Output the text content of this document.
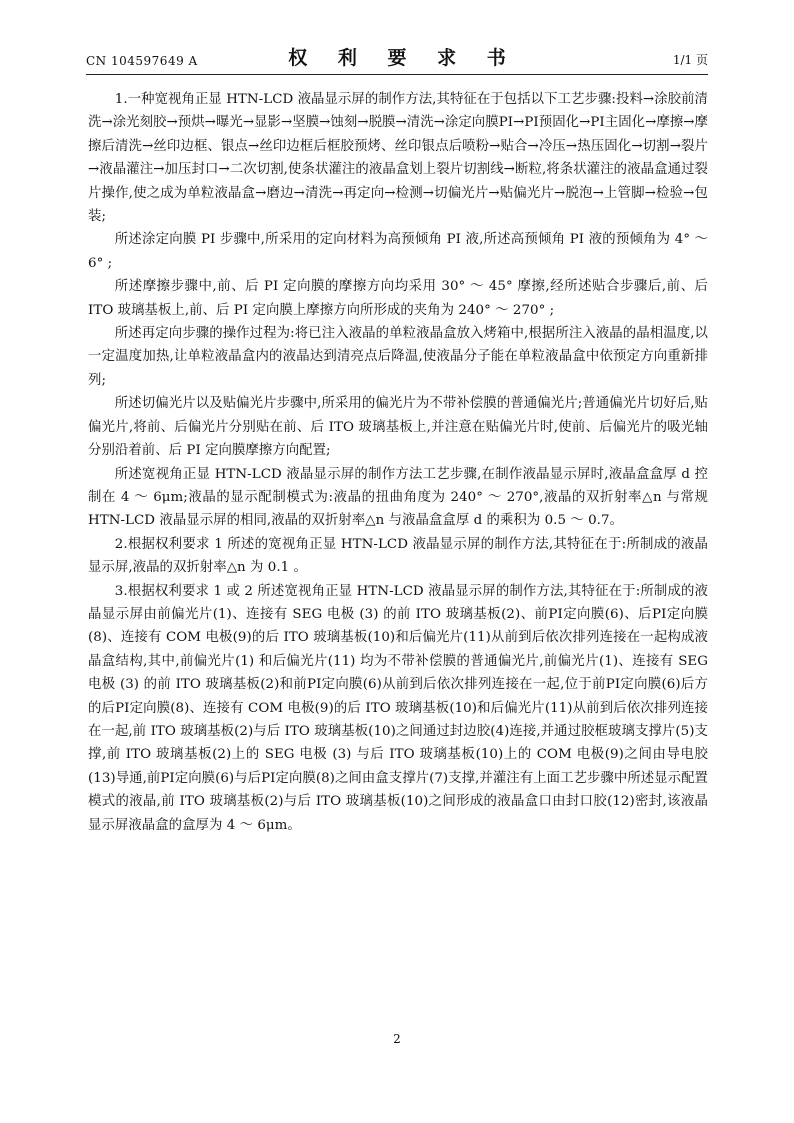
CN 104597649 A	权 利 要 求 书	1/1 页

1.一种宽视角正显 HTN-LCD 液晶显示屏的制作方法,其特征在于包括以下工艺步骤:投料→涂胶前清洗→涂光刻胶→预烘→曝光→显影→坚膜→蚀刻→脱膜→清洗→涂定向膜PI→PI预固化→PI主固化→摩擦→摩擦后清洗→丝印边框、银点→丝印边框后框胶预烤、丝印银点后喷粉→贴合→冷压→热压固化→切割→裂片→液晶灌注→加压封口→二次切割,使条状灌注的液晶盒划上裂片切割线→断粒,将条状灌注的液晶盒通过裂片操作,使之成为单粒液晶盒→磨边→清洗→再定向→检测→切偏光片→贴偏光片→脱泡→上管脚→检验→包装;

所述涂定向膜 PI 步骤中,所采用的定向材料为高预倾角 PI 液,所述高预倾角 PI 液的预倾角为 4° ～ 6° ;

所述摩擦步骤中,前、后 PI 定向膜的摩擦方向均采用 30° ～ 45° 摩擦,经所述贴合步骤后,前、后 ITO 玻璃基板上,前、后 PI 定向膜上摩擦方向所形成的夹角为 240° ～ 270° ;

所述再定向步骤的操作过程为:将已注入液晶的单粒液晶盒放入烤箱中,根据所注入液晶的晶相温度,以一定温度加热,让单粒液晶盒内的液晶达到清亮点后降温,使液晶分子能在单粒液晶盒中依预定方向重新排列;

所述切偏光片以及贴偏光片步骤中,所采用的偏光片为不带补偿膜的普通偏光片;普通偏光片切好后,贴偏光片,将前、后偏光片分别贴在前、后 ITO 玻璃基板上,并注意在贴偏光片时,使前、后偏光片的吸光轴分别沿着前、后 PI 定向膜摩擦方向配置;

所述宽视角正显 HTN-LCD 液晶显示屏的制作方法工艺步骤,在制作液晶显示屏时,液晶盒盒厚 d 控制在 4 ～ 6μm;液晶的显示配制模式为:液晶的扭曲角度为 240° ～ 270°,液晶的双折射率△n 与常规 HTN-LCD 液晶显示屏的相同,液晶的双折射率△n 与液晶盒盒厚 d 的乘积为 0.5 ～ 0.7。

2.根据权利要求 1 所述的宽视角正显 HTN-LCD 液晶显示屏的制作方法,其特征在于:所制成的液晶显示屏,液晶的双折射率△n 为 0.1 。

3.根据权利要求 1 或 2 所述宽视角正显 HTN-LCD 液晶显示屏的制作方法,其特征在于:所制成的液晶显示屏由前偏光片(1)、连接有 SEG 电极 (3) 的前 ITO 玻璃基板(2)、前PI定向膜(6)、后PI定向膜(8)、连接有 COM 电极(9)的后 ITO 玻璃基板(10)和后偏光片(11)从前到后依次排列连接在一起构成液晶盒结构,其中,前偏光片(1) 和后偏光片(11) 均为不带补偿膜的普通偏光片,前偏光片(1)、连接有 SEG 电极 (3) 的前 ITO 玻璃基板(2)和前PI定向膜(6)从前到后依次排列连接在一起,位于前PI定向膜(6)后方的后PI定向膜(8)、连接有 COM 电极(9)的后 ITO 玻璃基板(10)和后偏光片(11)从前到后依次排列连接在一起,前 ITO 玻璃基板(2)与后 ITO 玻璃基板(10)之间通过封边胶(4)连接,并通过胶框玻璃支撑片(5)支撑,前 ITO 玻璃基板(2)上的 SEG 电极 (3) 与后 ITO 玻璃基板(10)上的 COM 电极(9)之间由导电胶(13)导通,前PI定向膜(6)与后PI定向膜(8)之间由盒支撑片(7)支撑,并灌注有上面工艺步骤中所述显示配置模式的液晶,前 ITO 玻璃基板(2)与后 ITO 玻璃基板(10)之间形成的液晶盒口由封口胶(12)密封,该液晶显示屏液晶盒的盒厚为 4 ～ 6μm。

2
